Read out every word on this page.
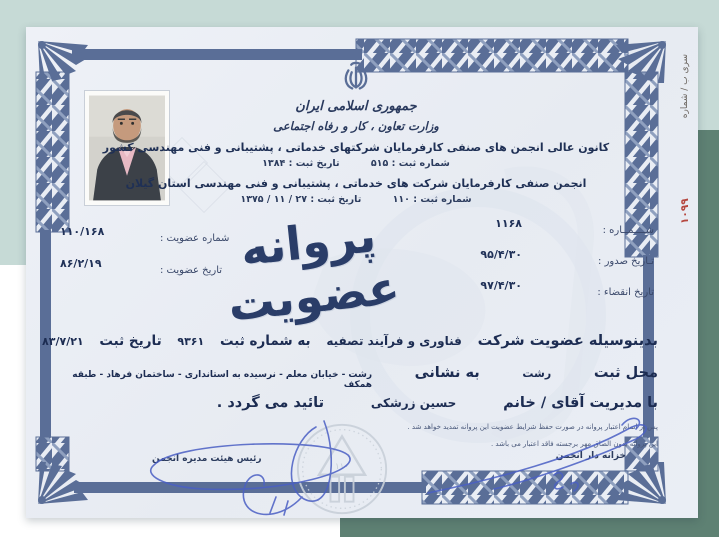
سری ب / شماره
۱۰۹۹
جمهوری اسلامی ایران
وزارت تعاون ، کار و رفاه اجتماعی
کانون عالی انجمن های صنفی کارفرمایان شرکتهای خدماتی ، پشتیبانی و فنی مهندسی کشور
شماره ثبت : ۵۱۵ تاریخ ثبت : ۱۳۸۴
انجمن صنفی کارفرمایان شرکت های خدماتی ، پشتیبانی و فنی مهندسی استان گیلان
شماره ثبت : ۱۱۰ تاریخ ثبت : ۲۷ / ۱۱ / ۱۳۷۵
شــــمــاره :
۱۱۶۸
تـاریخ صدور :
۹۵/۴/۳۰
تاریخ انقضاء :
۹۷/۴/۳۰
۱۱۰/۱۶۸
شماره عضویت :
۸۶/۲/۱۹
تاریخ عضویت : پروانه عضویت
بدینوسیله عضویت شرکت
فناوری و فرآیند تصفیه
به شماره ثبت
۹۳۶۱
تاریخ ثبت
۸۳/۷/۲۱
محل ثبت
رشت
به نشانی
رشت - خیابان معلم - نرسیده به استانداری - ساختمان فرهاد - طبقه همکف
با مدیریت آقای / خانم
حسین زرشکی
تائید می گردد .
پس از اتمام اعتبار پروانه در صورت حفظ شرایط عضویت این پروانه تمدید خواهد شد .
این پروانه بدون الصاق مهر برجسته فاقد اعتبار می باشد .
خزانه دار انجمن
رئیس هیئت مدیره انجمن
۱۱۰
